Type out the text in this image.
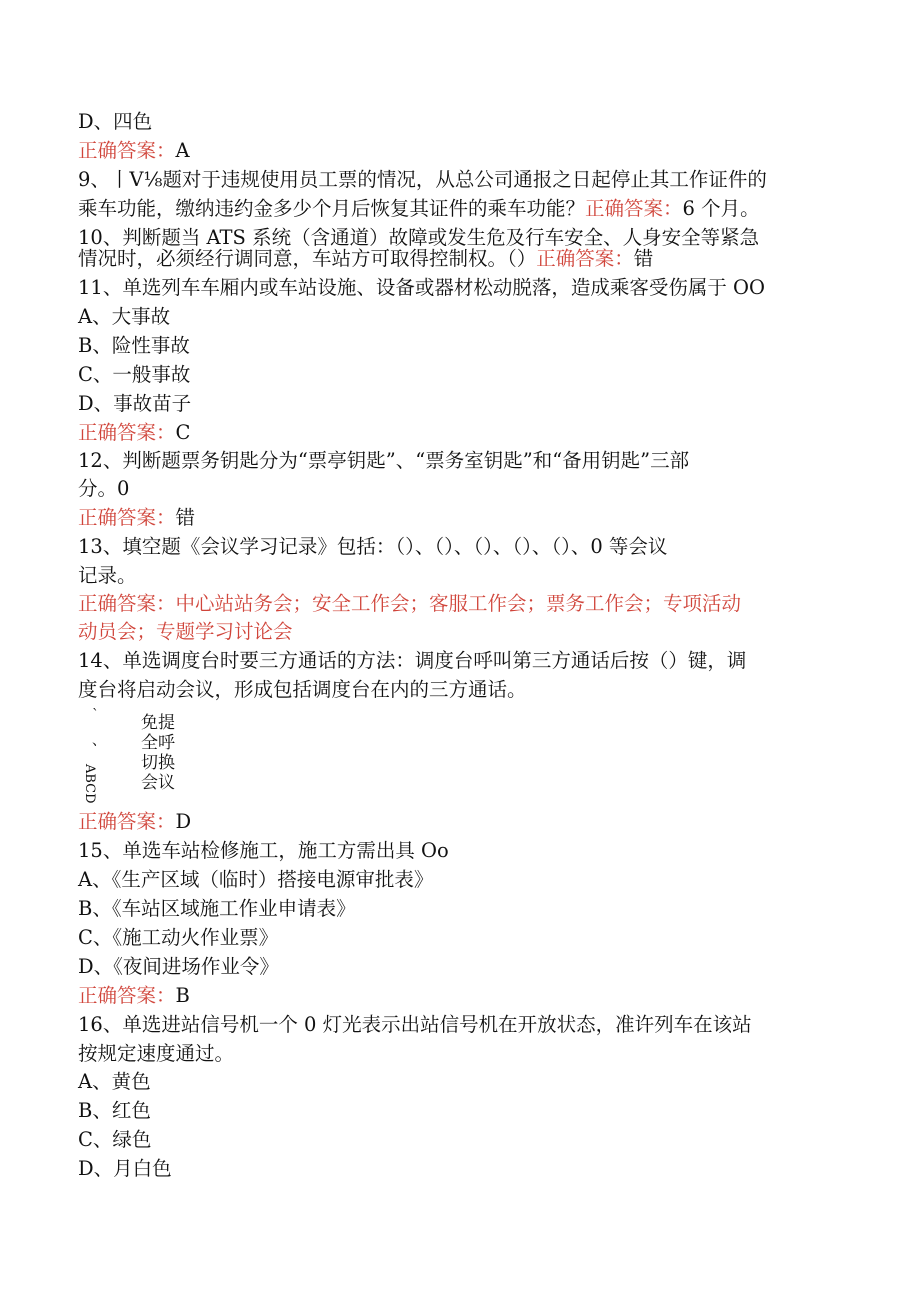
D、四色
正确答案：A
9、丨V⅛题对于违规使用员工票的情况，从总公司通报之日起停止其工作证件的
乘车功能，缴纳违约金多少个月后恢复其证件的乘车功能？正确答案：6 个月。
10、判断题当 ATS 系统（含通道）故障或发生危及行车安全、人身安全等紧急
情况时，必须经行调同意，车站方可取得控制权。（）正确答案：错
11、单选列车车厢内或车站设施、设备或器材松动脱落，造成乘客受伤属于 OO
A、大事故
B、险性事故
C、一般事故
D、事故苗子
正确答案：C
12、判断题票务钥匙分为“票亭钥匙”、“票务室钥匙”和“备用钥匙”三部
分。0
正确答案：错
13、填空题《会议学习记录》包括：（）、（）、（）、（）、（）、0 等会议
记录。
正确答案：中心站站务会；安全工作会；客服工作会；票务工作会；专项活动
动员会；专题学习讨论会
14、单选调度台时要三方通话的方法：调度台呼叫第三方通话后按（）键，调
度台将启动会议，形成包括调度台在内的三方通话。
`
、
ABCD
免提
全呼
切换
会议
正确答案：D
15、单选车站检修施工，施工方需出具 Oo
A、《生产区域（临时）搭接电源审批表》
B、《车站区域施工作业申请表》
C、《施工动火作业票》
D、《夜间进场作业令》
正确答案：B
16、单选进站信号机一个 0 灯光表示出站信号机在开放状态，准许列车在该站
按规定速度通过。
A、黄色
B、红色
C、绿色
D、月白色
